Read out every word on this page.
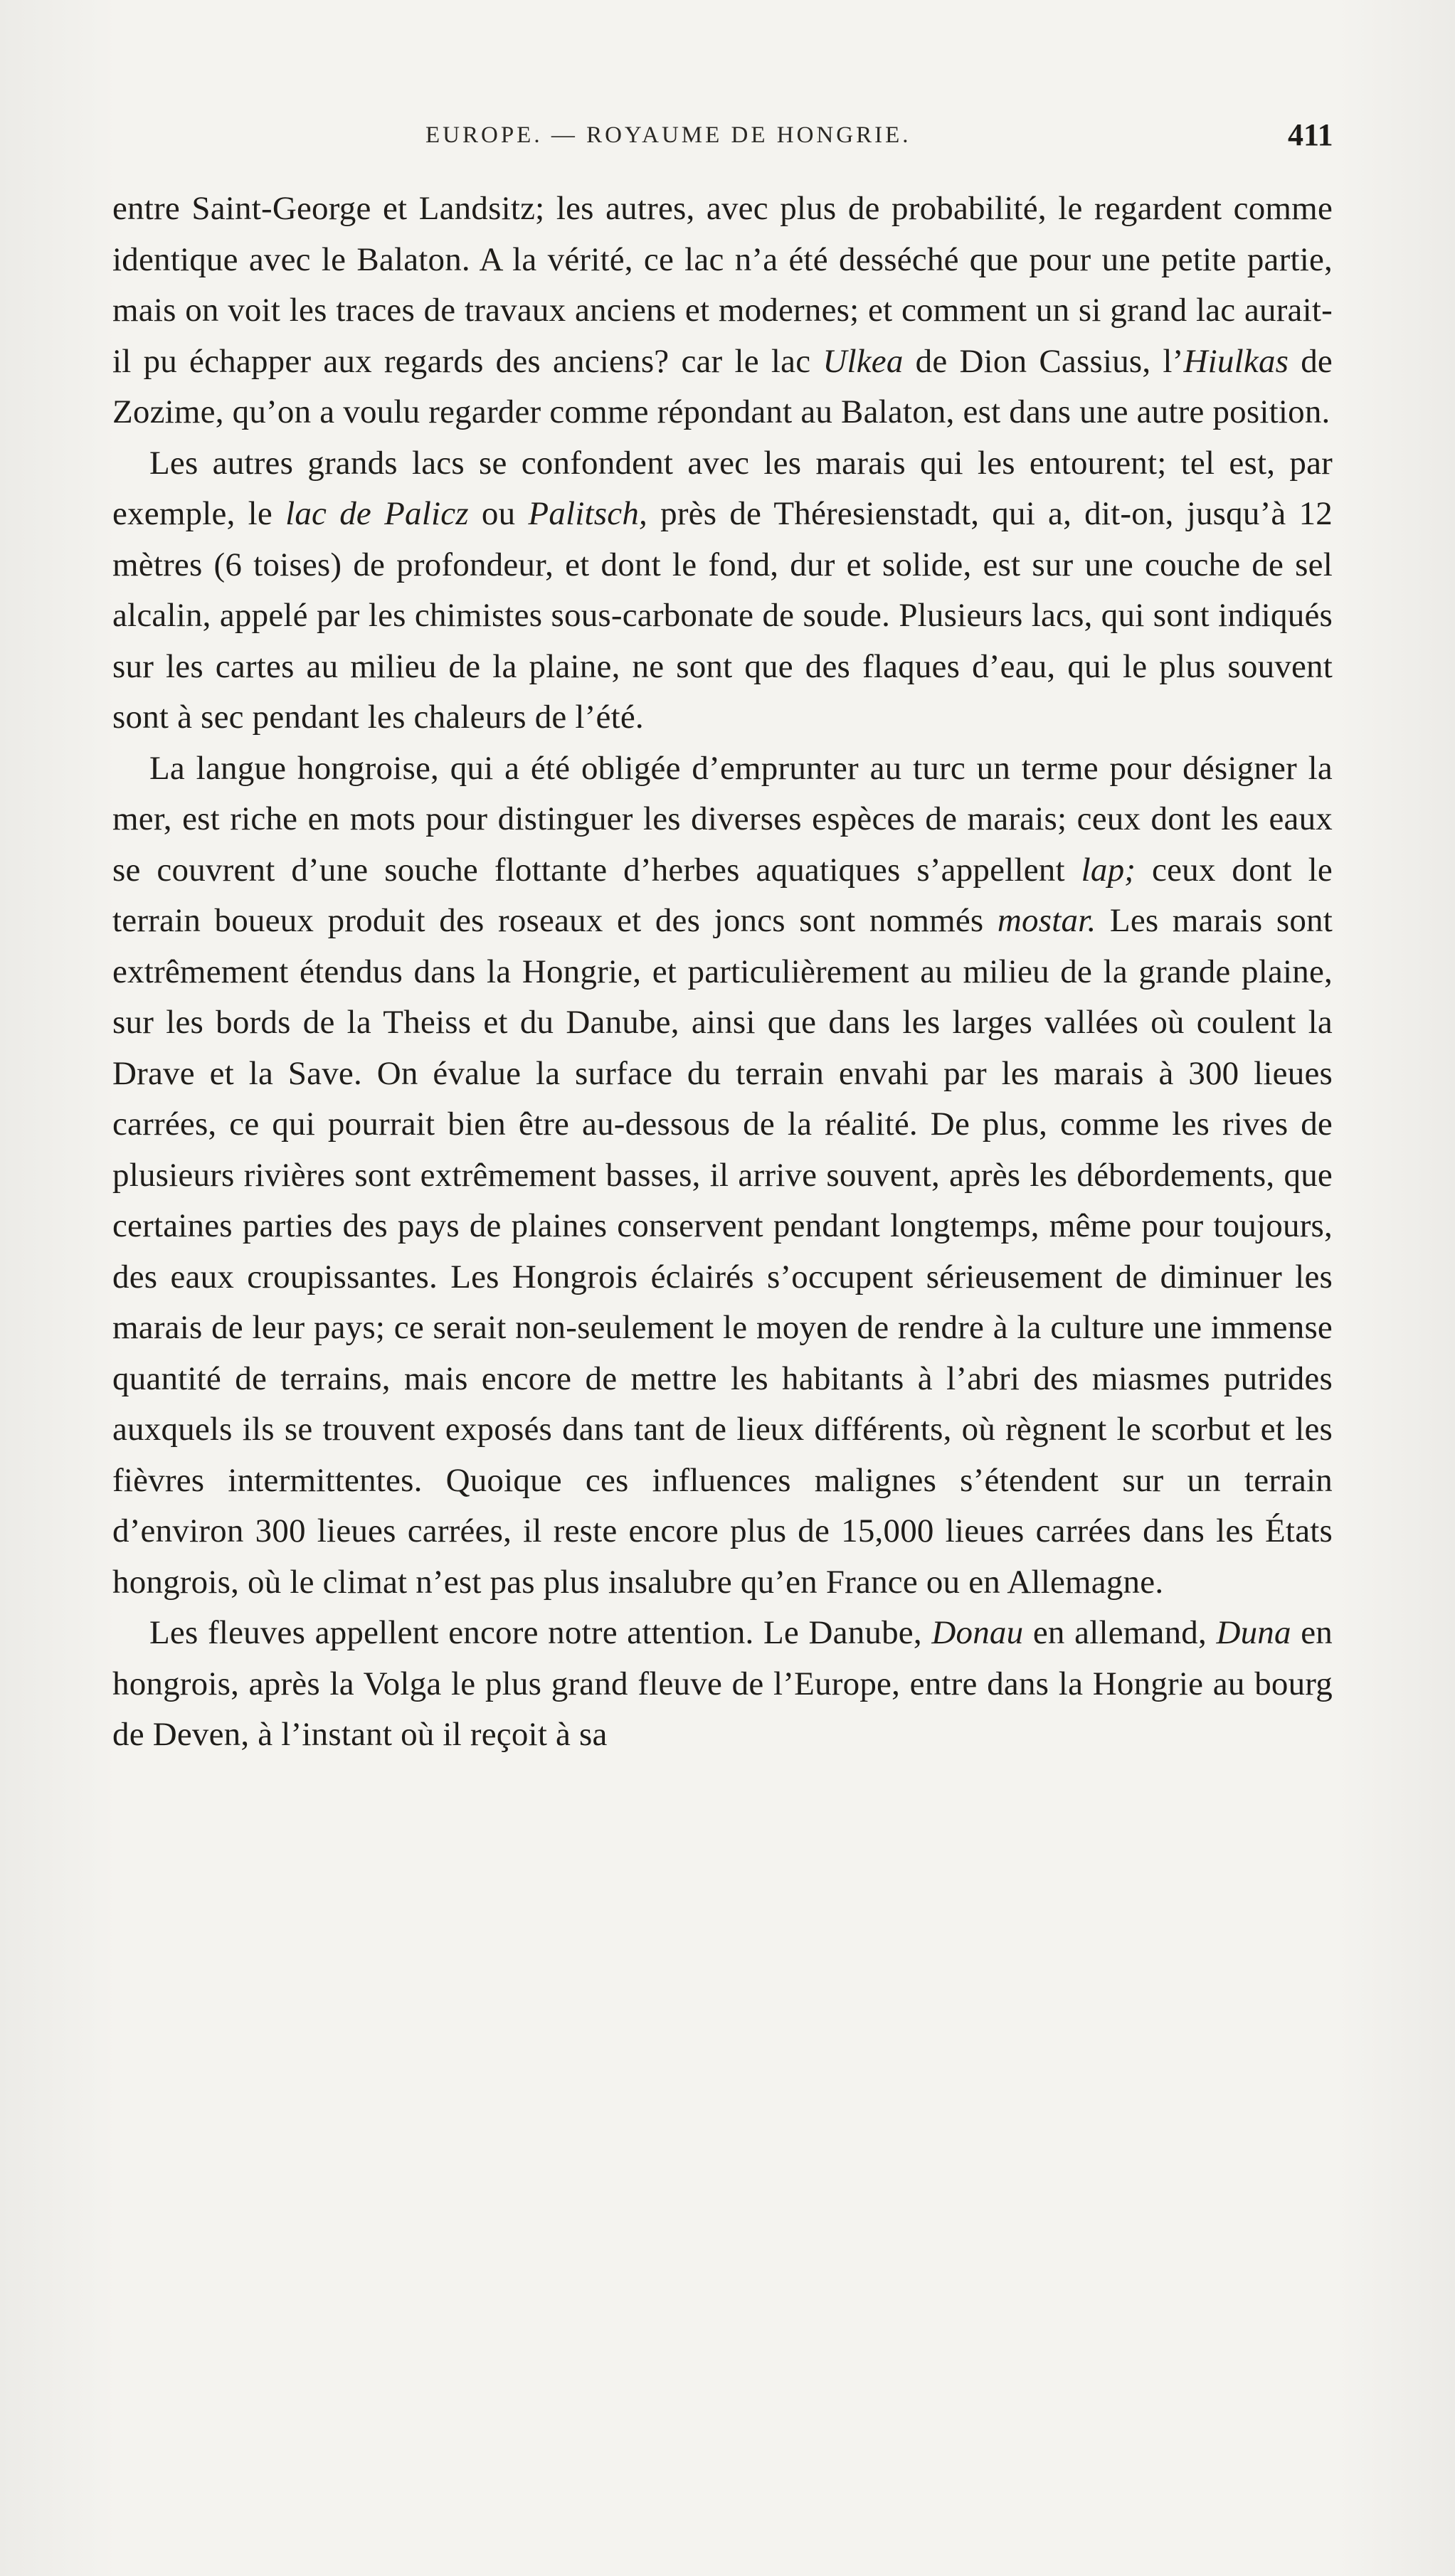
EUROPE. — ROYAUME DE HONGRIE.	411

entre Saint-George et Landsitz; les autres, avec plus de probabilité, le regardent comme identique avec le Balaton. A la vérité, ce lac n’a été desséché que pour une petite partie, mais on voit les traces de travaux anciens et modernes; et comment un si grand lac aurait-il pu échapper aux regards des anciens? car le lac Ulkea de Dion Cassius, l’Hiulkas de Zozime, qu’on a voulu regarder comme répondant au Balaton, est dans une autre position.

Les autres grands lacs se confondent avec les marais qui les entourent; tel est, par exemple, le lac de Palicz ou Palitsch, près de Théresienstadt, qui a, dit-on, jusqu’à 12 mètres (6 toises) de profondeur, et dont le fond, dur et solide, est sur une couche de sel alcalin, appelé par les chimistes sous-carbonate de soude. Plusieurs lacs, qui sont indiqués sur les cartes au milieu de la plaine, ne sont que des flaques d’eau, qui le plus souvent sont à sec pendant les chaleurs de l’été.

La langue hongroise, qui a été obligée d’emprunter au turc un terme pour désigner la mer, est riche en mots pour distinguer les diverses espèces de marais; ceux dont les eaux se couvrent d’une souche flottante d’herbes aquatiques s’appellent lap; ceux dont le terrain boueux produit des roseaux et des joncs sont nommés mostar. Les marais sont extrêmement étendus dans la Hongrie, et particulièrement au milieu de la grande plaine, sur les bords de la Theiss et du Danube, ainsi que dans les larges vallées où coulent la Drave et la Save. On évalue la surface du terrain envahi par les marais à 300 lieues carrées, ce qui pourrait bien être au-dessous de la réalité. De plus, comme les rives de plusieurs rivières sont extrêmement basses, il arrive souvent, après les débordements, que certaines parties des pays de plaines conservent pendant longtemps, même pour toujours, des eaux croupissantes. Les Hongrois éclairés s’occupent sérieusement de diminuer les marais de leur pays; ce serait non-seulement le moyen de rendre à la culture une immense quantité de terrains, mais encore de mettre les habitants à l’abri des miasmes putrides auxquels ils se trouvent exposés dans tant de lieux différents, où règnent le scorbut et les fièvres intermittentes. Quoique ces influences malignes s’étendent sur un terrain d’environ 300 lieues carrées, il reste encore plus de 15,000 lieues carrées dans les États hongrois, où le climat n’est pas plus insalubre qu’en France ou en Allemagne.

Les fleuves appellent encore notre attention. Le Danube, Donau en allemand, Duna en hongrois, après la Volga le plus grand fleuve de l’Europe, entre dans la Hongrie au bourg de Deven, à l’instant où il reçoit à sa
